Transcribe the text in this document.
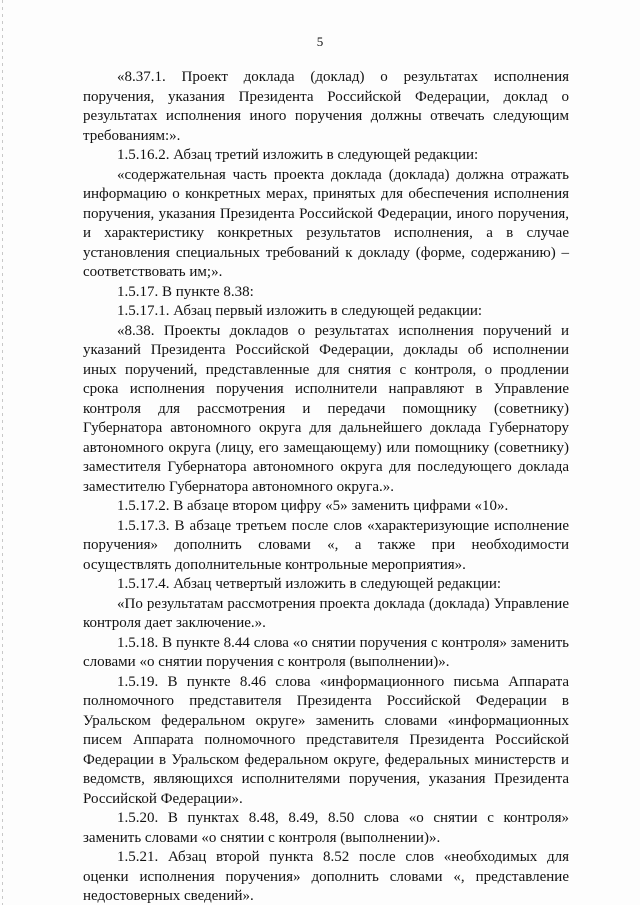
5

«8.37.1. Проект доклада (доклад) о результатах исполнения поручения, указания Президента Российской Федерации, доклад о результатах исполнения иного поручения должны отвечать следующим требованиям:».

1.5.16.2. Абзац третий изложить в следующей редакции:

«содержательная часть проекта доклада (доклада) должна отражать информацию о конкретных мерах, принятых для обеспечения исполнения поручения, указания Президента Российской Федерации, иного поручения, и характеристику конкретных результатов исполнения, а в случае установления специальных требований к докладу (форме, содержанию) – соответствовать им;».

1.5.17. В пункте 8.38:

1.5.17.1. Абзац первый изложить в следующей редакции:

«8.38. Проекты докладов о результатах исполнения поручений и указаний Президента Российской Федерации, доклады об исполнении иных поручений, представленные для снятия с контроля, о продлении срока исполнения поручения исполнители направляют в Управление контроля для рассмотрения и передачи помощнику (советнику) Губернатора автономного округа для дальнейшего доклада Губернатору автономного округа (лицу, его замещающему) или помощнику (советнику) заместителя Губернатора автономного округа для последующего доклада заместителю Губернатора автономного округа.».

1.5.17.2. В абзаце втором цифру «5» заменить цифрами «10».

1.5.17.3. В абзаце третьем после слов «характеризующие исполнение поручения» дополнить словами «, а также при необходимости осуществлять дополнительные контрольные мероприятия».

1.5.17.4. Абзац четвертый изложить в следующей редакции:

«По результатам рассмотрения проекта доклада (доклада) Управление контроля дает заключение.».

1.5.18. В пункте 8.44 слова «о снятии поручения с контроля» заменить словами «о снятии поручения с контроля (выполнении)».

1.5.19. В пункте 8.46 слова «информационного письма Аппарата полномочного представителя Президента Российской Федерации в Уральском федеральном округе» заменить словами «информационных писем Аппарата полномочного представителя Президента Российской Федерации в Уральском федеральном округе, федеральных министерств и ведомств, являющихся исполнителями поручения, указания Президента Российской Федерации».

1.5.20. В пунктах 8.48, 8.49, 8.50 слова «о снятии с контроля» заменить словами «о снятии с контроля (выполнении)».

1.5.21. Абзац второй пункта 8.52 после слов «необходимых для оценки исполнения поручения» дополнить словами «, представление недостоверных сведений».
